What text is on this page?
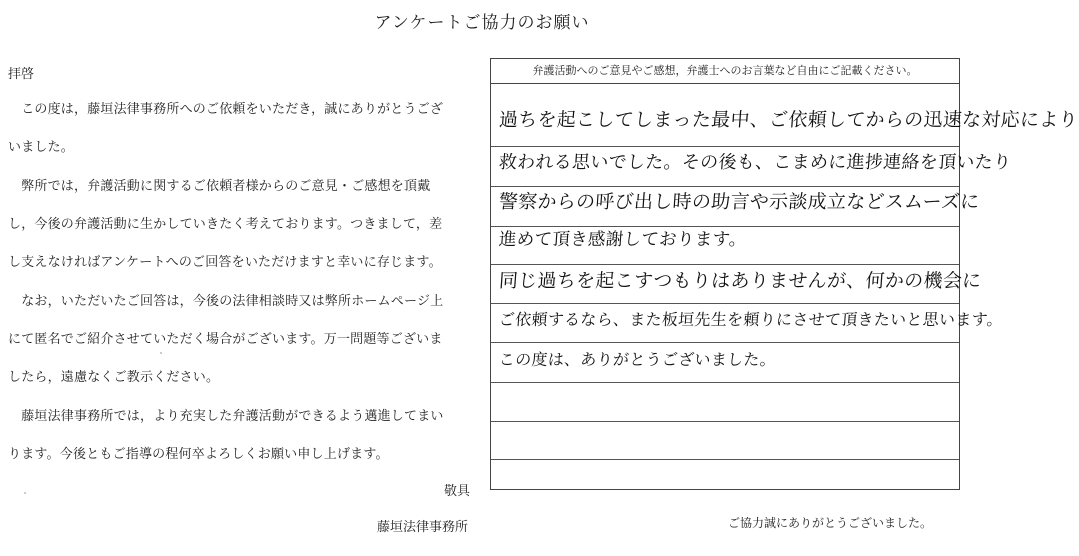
アンケートご協力のお願い
拝啓
　この度は，藤垣法律事務所へのご依頼をいただき，誠にありがとうござ
いました。
　弊所では，弁護活動に関するご依頼者様からのご意見・ご感想を頂戴
し，今後の弁護活動に生かしていきたく考えております。つきまして，差
し支えなければアンケートへのご回答をいただけますと幸いに存じます。
　なお，いただいたご回答は，今後の法律相談時又は弊所ホームページ上
にて匿名でご紹介させていただく場合がございます。万一問題等ございま
したら，遠慮なくご教示ください。
　藤垣法律事務所では，より充実した弁護活動ができるよう邁進してまい
ります。今後ともご指導の程何卒よろしくお願い申し上げます。
敬具
藤垣法律事務所
弁護活動へのご意見やご感想，弁護士へのお言葉など自由にご記載ください。
過ちを起こしてしまった最中、ご依頼してからの迅速な対応により
救われる思いでした。その後も、こまめに進捗連絡を頂いたり
警察からの呼び出し時の助言や示談成立などスムーズに
進めて頂き感謝しております。
同じ過ちを起こすつもりはありませんが、何かの機会に
ご依頼するなら、また板垣先生を頼りにさせて頂きたいと思います。
この度は、ありがとうございました。
ご協力誠にありがとうございました。
